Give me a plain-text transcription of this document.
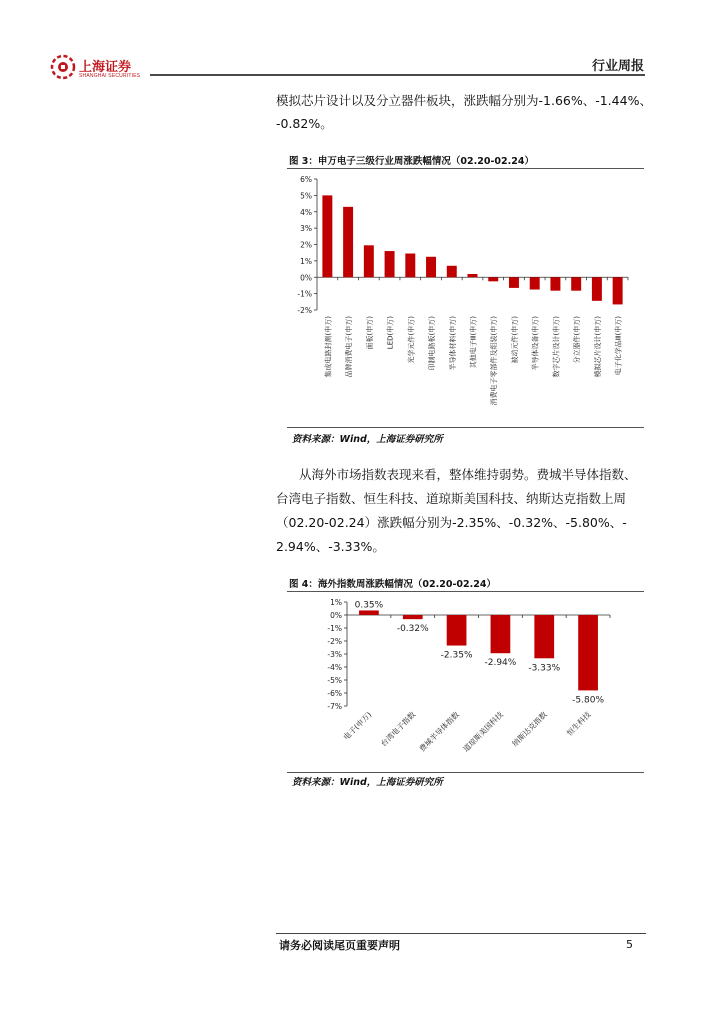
上海证券
SHANGHAI SECURITIES
行业周报
模拟芯片设计以及分立器件板块，涨跌幅分别为-1.66%、-1.44%、
-0.82%。
图 3：申万电子三级行业周涨跌幅情况（02.20-02.24）
-2%
-1%
0%
1%
2%
3%
4%
5%
6%
集成电路封测(申万) 品牌消费电子(申万) 面板(申万) LED(申万) 光学元件(申万) 印制电路板(申万) 半导体材料(申万) 其他电子Ⅲ(申万) 消费电子零部件及组装(申万) 被动元件(申万) 半导体设备(申万) 数字芯片设计(申万) 分立器件(申万) 模拟芯片设计(申万) 电子化学品Ⅲ(申万)
资料来源：Wind，上海证券研究所
从海外市场指数表现来看，整体维持弱势。费城半导体指数、
台湾电子指数、恒生科技、道琼斯美国科技、纳斯达克指数上周
（02.20-02.24）涨跌幅分别为-2.35%、-0.32%、-5.80%、-
2.94%、-3.33%。
图 4：海外指数周涨跌幅情况（02.20-02.24）
-7%
-6%
-5%
-4%
-3%
-2%
-1%
0%
1%
电子(申万)
0.35%
台湾电子指数
-0.32%
费城半导体指数
-2.35%
道琼斯美国科技
-2.94%
纳斯达克指数
-3.33%
恒生科技
-5.80%
资料来源：Wind，上海证券研究所
请务必阅读尾页重要声明	5
